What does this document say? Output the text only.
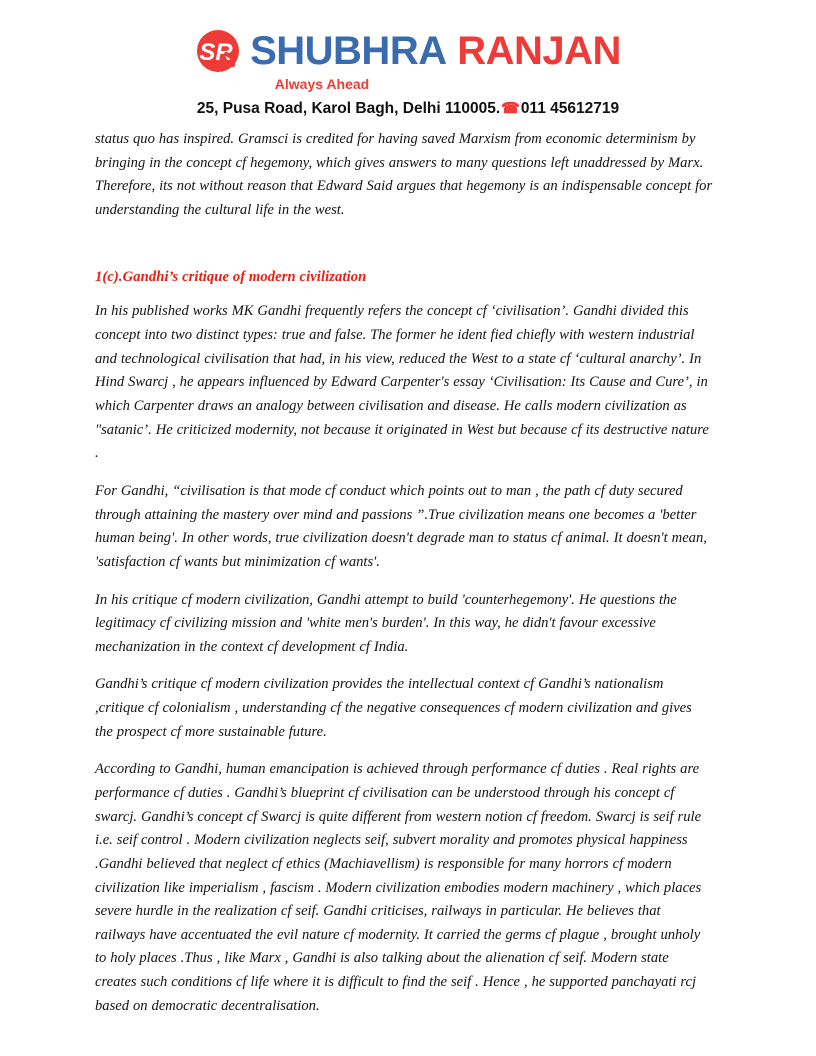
SR SHUBHRA RANJAN
Always Ahead
25, Pusa Road, Karol Bagh, Delhi 110005.☎011 45612719

status quo has inspired. Gramsci is credited for having saved Marxism from economic determinism by bringing in the concept cf hegemony, which gives answers to many questions left unaddressed by Marx. Therefore, its not without reason that Edward Said argues that hegemony is an indispensable concept for understanding the cultural life in the west.

1(c).Gandhi’s critique of modern civilization

In his published works MK Gandhi frequently refers the concept cf ‘civilisation’. Gandhi divided this concept into two distinct types: true and false. The former he ident fied chiefly with western industrial and technological civilisation that had, in his view, reduced the West to a state cf ‘cultural anarchy’. In Hind Swarcj , he appears influenced by Edward Carpenter's essay ‘Civilisation: Its Cause and Cure’, in which Carpenter draws an analogy between civilisation and disease. He calls modern civilization as "satanic’. He criticized modernity, not because it originated in West but because cf its destructive nature .

For Gandhi, “civilisation is that mode cf conduct which points out to man , the path cf duty secured through attaining the mastery over mind and passions ”.True civilization means one becomes a 'better human being'. In other words, true civilization doesn't degrade man to status cf animal. It doesn't mean, 'satisfaction cf wants but minimization cf wants'.

In his critique cf modern civilization, Gandhi attempt to build 'counterhegemony'. He questions the legitimacy cf civilizing mission and 'white men's burden'. In this way, he didn't favour excessive mechanization in the context cf development cf India.

Gandhi’s critique cf modern civilization provides the intellectual context cf Gandhi’s nationalism ,critique cf colonialism , understanding cf the negative consequences cf modern civilization and gives the prospect cf more sustainable future.

According to Gandhi, human emancipation is achieved through performance cf duties . Real rights are performance cf duties . Gandhi’s blueprint cf civilisation can be understood through his concept cf swarcj. Gandhi’s concept cf Swarcj is quite different from western notion cf freedom. Swarcj is seif rule i.e. seif control . Modern civilization neglects seif, subvert morality and promotes physical happiness .Gandhi believed that neglect cf ethics (Machiavellism) is responsible for many horrors cf modern civilization like imperialism , fascism . Modern civilization embodies modern machinery , which places severe hurdle in the realization cf seif. Gandhi criticises, railways in particular. He believes that railways have accentuated the evil nature cf modernity. It carried the germs cf plague , brought unholy to holy places .Thus , like Marx , Gandhi is also talking about the alienation cf seif. Modern state creates such conditions cf life where it is difficult to find the seif . Hence , he supported panchayati rcj based on democratic decentralisation.
